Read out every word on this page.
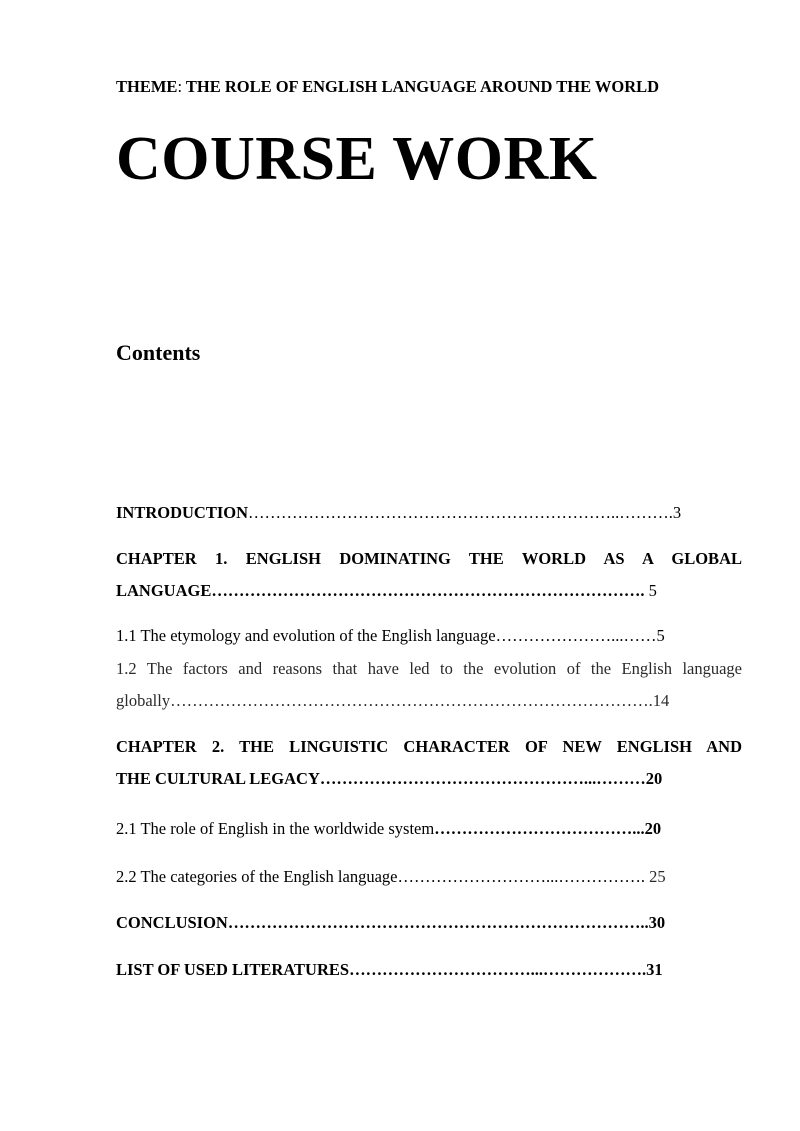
THEME: THE ROLE OF ENGLISH LANGUAGE AROUND THE WORLD
COURSE WORK
Contents
INTRODUCTION…………………………………………………………..……….3
CHAPTER 1. ENGLISH DOMINATING THE WORLD AS A GLOBAL
LANGUAGE……………………………………………………………………. 5
1.1 The etymology and evolution of the English language…………………...……5
1.2 The factors and reasons that have led to the evolution of the English language
globally…………………………………………………………………………….14
CHAPTER 2. THE LINGUISTIC CHARACTER OF NEW ENGLISH AND
THE CULTURAL LEGACY…………………………………………...………20
2.1 The role of English in the worldwide system………………………………...20
2.2 The categories of the English language………………………...……………. 25
CONCLUSION…………………………………………………………………..30
LIST OF USED LITERATURES……………………………...……………….31
